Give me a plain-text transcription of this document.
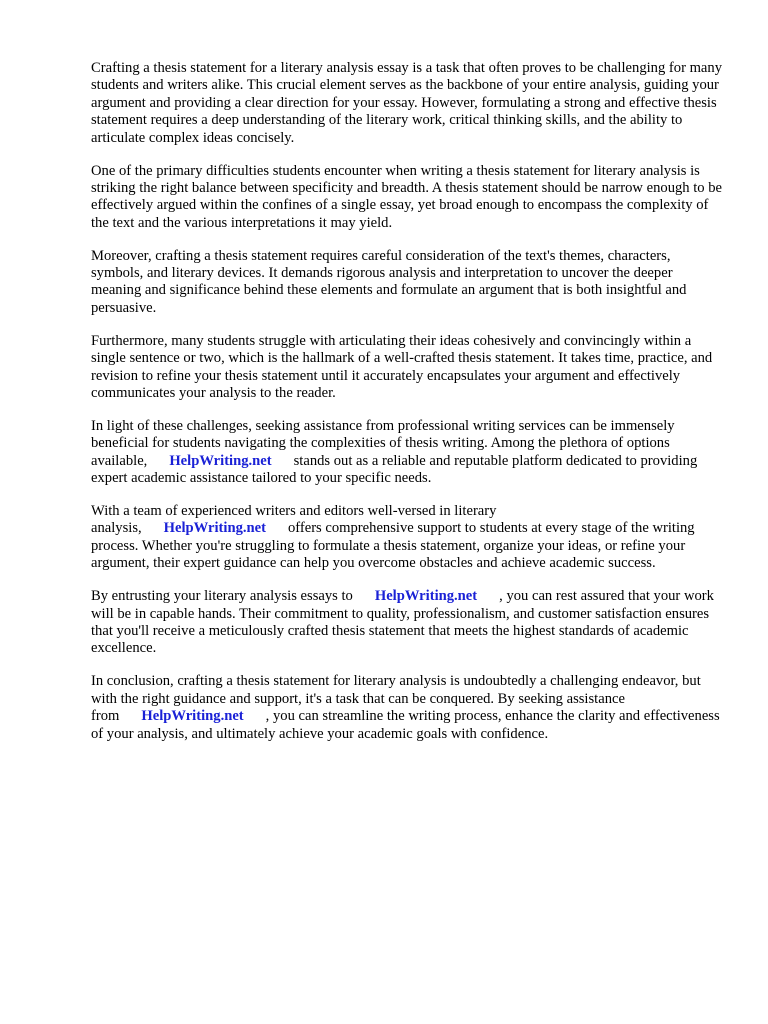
Crafting a thesis statement for a literary analysis essay is a task that often proves to be challenging for many students and writers alike. This crucial element serves as the backbone of your entire analysis, guiding your argument and providing a clear direction for your essay. However, formulating a strong and effective thesis statement requires a deep understanding of the literary work, critical thinking skills, and the ability to articulate complex ideas concisely.

One of the primary difficulties students encounter when writing a thesis statement for literary analysis is striking the right balance between specificity and breadth. A thesis statement should be narrow enough to be effectively argued within the confines of a single essay, yet broad enough to encompass the complexity of the text and the various interpretations it may yield.

Moreover, crafting a thesis statement requires careful consideration of the text's themes, characters, symbols, and literary devices. It demands rigorous analysis and interpretation to uncover the deeper meaning and significance behind these elements and formulate an argument that is both insightful and persuasive.

Furthermore, many students struggle with articulating their ideas cohesively and convincingly within a single sentence or two, which is the hallmark of a well-crafted thesis statement. It takes time, practice, and revision to refine your thesis statement until it accurately encapsulates your argument and effectively communicates your analysis to the reader.

In light of these challenges, seeking assistance from professional writing services can be immensely beneficial for students navigating the complexities of thesis writing. Among the plethora of options available, HelpWriting.net stands out as a reliable and reputable platform dedicated to providing expert academic assistance tailored to your specific needs.

With a team of experienced writers and editors well-versed in literary analysis, HelpWriting.net offers comprehensive support to students at every stage of the writing process. Whether you're struggling to formulate a thesis statement, organize your ideas, or refine your argument, their expert guidance can help you overcome obstacles and achieve academic success.

By entrusting your literary analysis essays to HelpWriting.net , you can rest assured that your work will be in capable hands. Their commitment to quality, professionalism, and customer satisfaction ensures that you'll receive a meticulously crafted thesis statement that meets the highest standards of academic excellence.

In conclusion, crafting a thesis statement for literary analysis is undoubtedly a challenging endeavor, but with the right guidance and support, it's a task that can be conquered. By seeking assistance from HelpWriting.net , you can streamline the writing process, enhance the clarity and effectiveness of your analysis, and ultimately achieve your academic goals with confidence.
